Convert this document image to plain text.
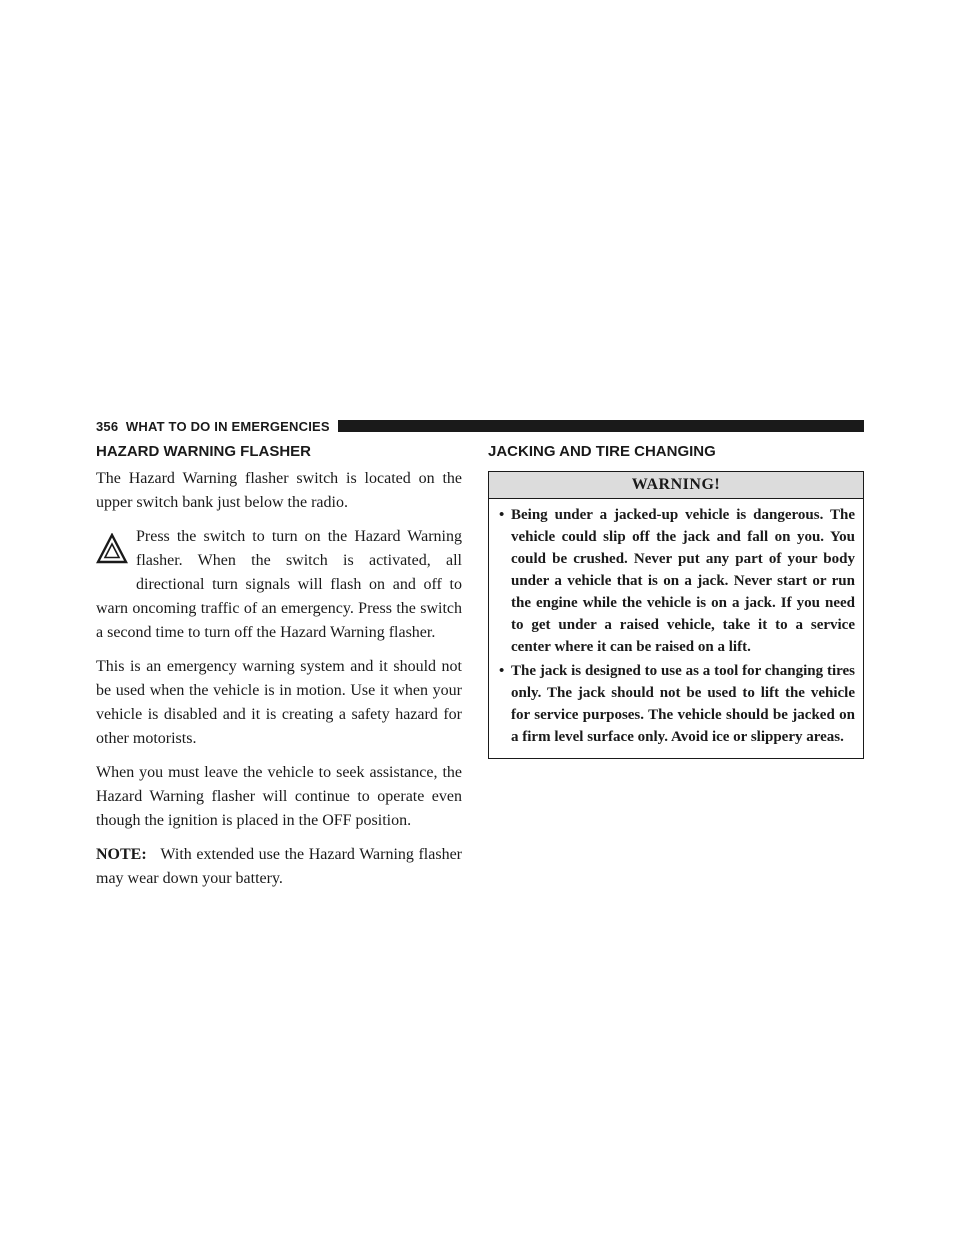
356 WHAT TO DO IN EMERGENCIES
HAZARD WARNING FLASHER

The Hazard Warning flasher switch is located on the upper switch bank just below the radio.

Press the switch to turn on the Hazard Warning flasher. When the switch is activated, all directional turn signals will flash on and off to warn oncoming traffic of an emergency. Press the switch a second time to turn off the Hazard Warning flasher.

This is an emergency warning system and it should not be used when the vehicle is in motion. Use it when your vehicle is disabled and it is creating a safety hazard for other motorists.

When you must leave the vehicle to seek assistance, the Hazard Warning flasher will continue to operate even though the ignition is placed in the OFF position.

NOTE: With extended use the Hazard Warning flasher may wear down your battery.

JACKING AND TIRE CHANGING
WARNING!
• Being under a jacked-up vehicle is dangerous. The vehicle could slip off the jack and fall on you. You could be crushed. Never put any part of your body under a vehicle that is on a jack. Never start or run the engine while the vehicle is on a jack. If you need to get under a raised vehicle, take it to a service center where it can be raised on a lift.
• The jack is designed to use as a tool for changing tires only. The jack should not be used to lift the vehicle for service purposes. The vehicle should be jacked on a firm level surface only. Avoid ice or slippery areas.
